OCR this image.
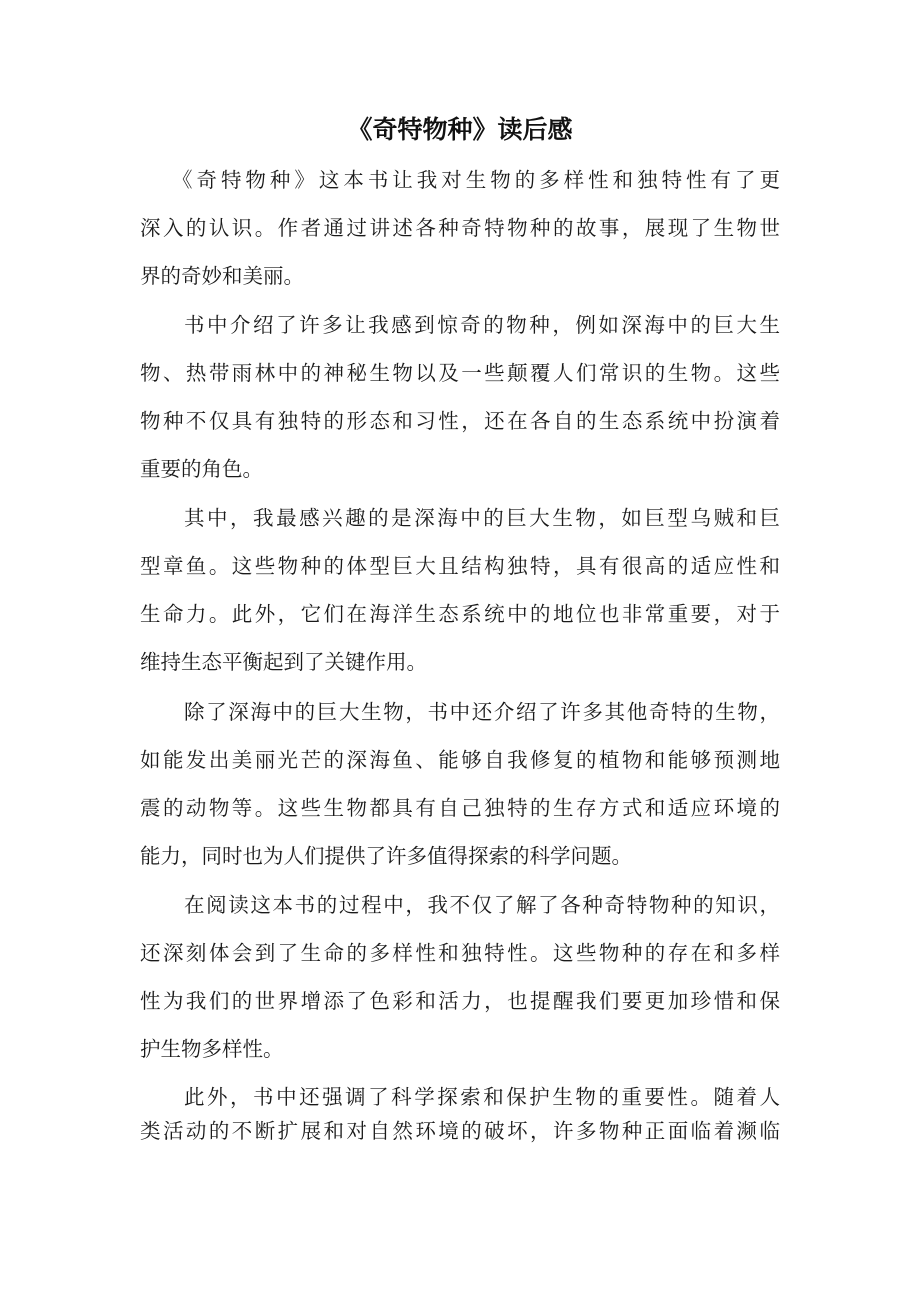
《奇特物种》读后感

《奇特物种》这本书让我对生物的多样性和独特性有了更
深入的认识。作者通过讲述各种奇特物种的故事，展现了生物世
界的奇妙和美丽。

书中介绍了许多让我感到惊奇的物种，例如深海中的巨大生
物、热带雨林中的神秘生物以及一些颠覆人们常识的生物。这些
物种不仅具有独特的形态和习性，还在各自的生态系统中扮演着
重要的角色。

其中，我最感兴趣的是深海中的巨大生物，如巨型乌贼和巨
型章鱼。这些物种的体型巨大且结构独特，具有很高的适应性和
生命力。此外，它们在海洋生态系统中的地位也非常重要，对于
维持生态平衡起到了关键作用。

除了深海中的巨大生物，书中还介绍了许多其他奇特的生物，
如能发出美丽光芒的深海鱼、能够自我修复的植物和能够预测地
震的动物等。这些生物都具有自己独特的生存方式和适应环境的
能力，同时也为人们提供了许多值得探索的科学问题。

在阅读这本书的过程中，我不仅了解了各种奇特物种的知识，
还深刻体会到了生命的多样性和独特性。这些物种的存在和多样
性为我们的世界增添了色彩和活力，也提醒我们要更加珍惜和保
护生物多样性。

此外，书中还强调了科学探索和保护生物的重要性。随着人
类活动的不断扩展和对自然环境的破坏，许多物种正面临着濒临
